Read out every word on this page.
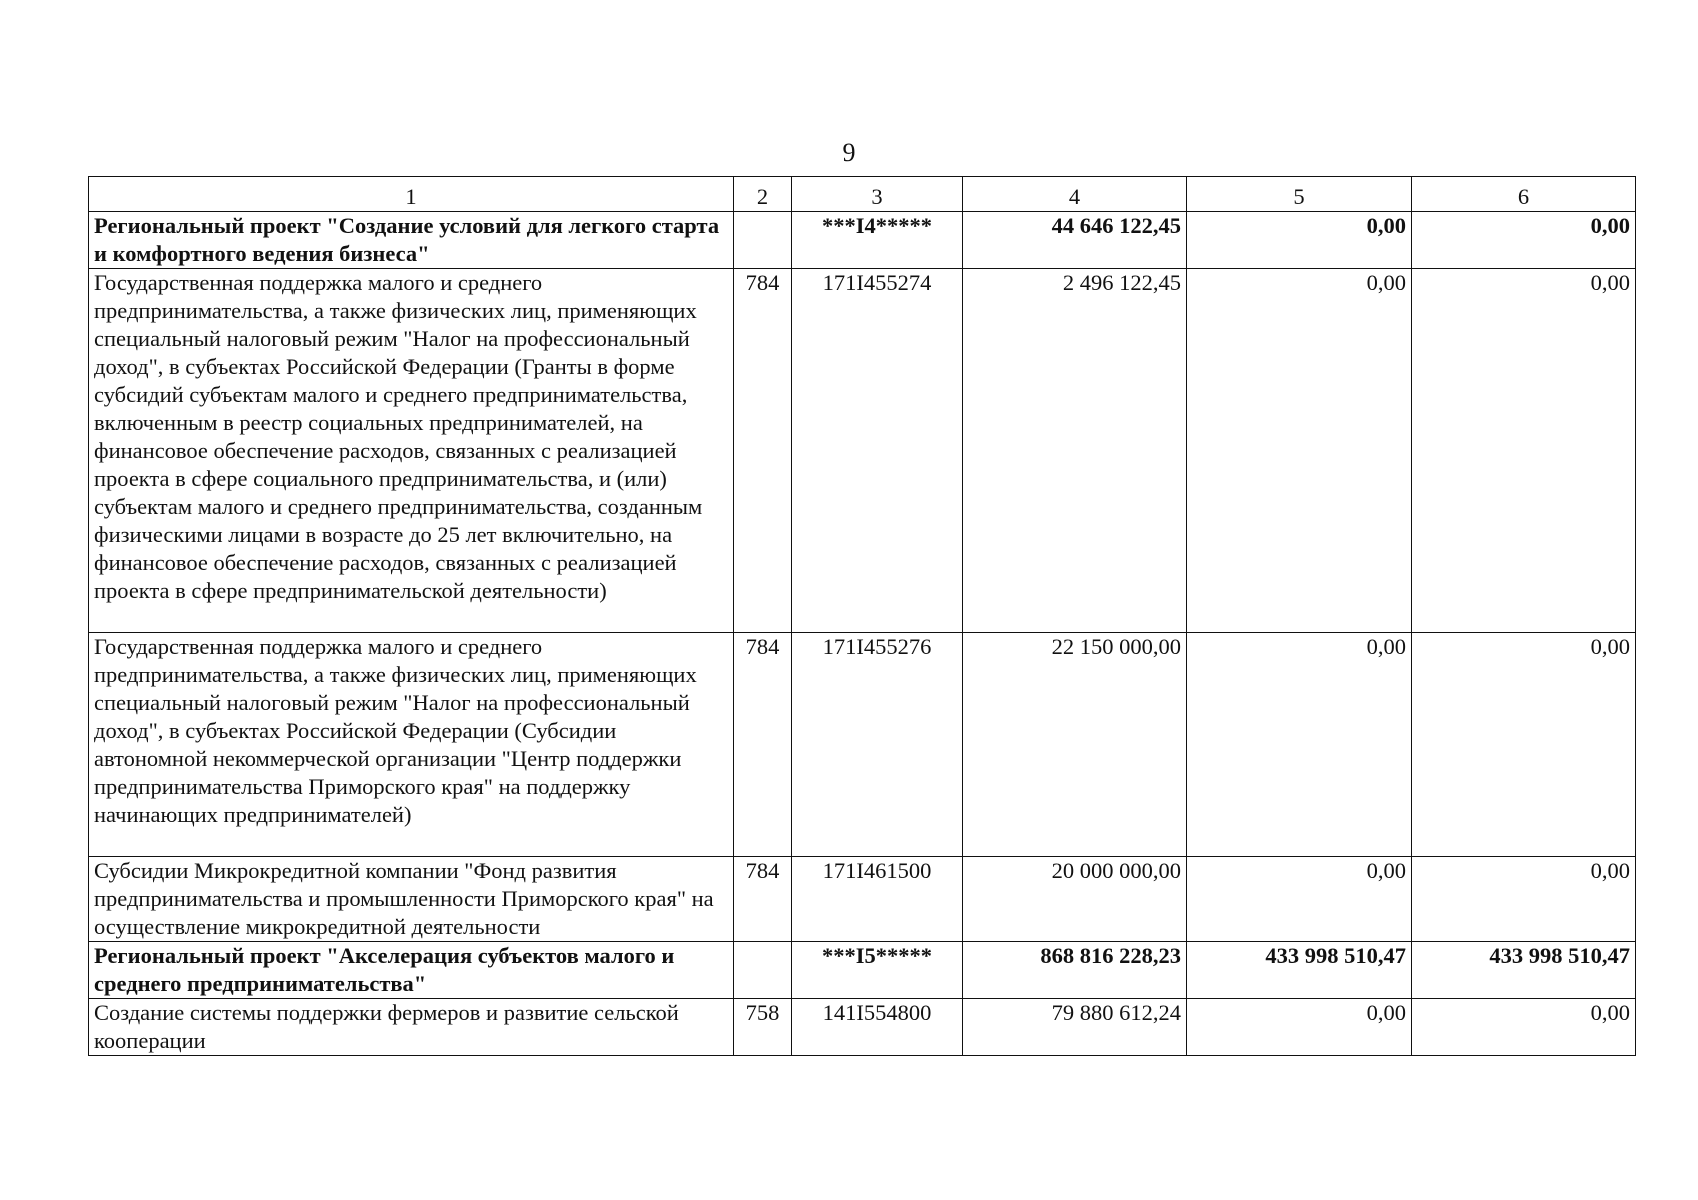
9
1	2	3	4	5	6
Региональный проект "Создание условий для легкого старта и комфортного ведения бизнеса"		***I4*****	44 646 122,45	0,00	0,00
Государственная поддержка малого и среднего предпринимательства, а также физических лиц, применяющих специальный налоговый режим "Налог на профессиональный доход", в субъектах Российской Федерации (Гранты в форме субсидий субъектам малого и среднего предпринимательства, включенным в реестр социальных предпринимателей, на финансовое обеспечение расходов, связанных с реализацией проекта в сфере социального предпринимательства, и (или) субъектам малого и среднего предпринимательства, созданным физическими лицами в возрасте до 25 лет включительно, на финансовое обеспечение расходов, связанных с реализацией проекта в сфере предпринимательской деятельности)	784	171I455274	2 496 122,45	0,00	0,00
Государственная поддержка малого и среднего предпринимательства, а также физических лиц, применяющих специальный налоговый режим "Налог на профессиональный доход", в субъектах Российской Федерации (Субсидии автономной некоммерческой организации "Центр поддержки предпринимательства Приморского края" на поддержку начинающих предпринимателей)	784	171I455276	22 150 000,00	0,00	0,00
Субсидии Микрокредитной компании "Фонд развития предпринимательства и промышленности Приморского края" на осуществление микрокредитной деятельности	784	171I461500	20 000 000,00	0,00	0,00
Региональный проект "Акселерация субъектов малого и среднего предпринимательства"		***I5*****	868 816 228,23	433 998 510,47	433 998 510,47
Создание системы поддержки фермеров и развитие сельской кооперации	758	141I554800	79 880 612,24	0,00	0,00
